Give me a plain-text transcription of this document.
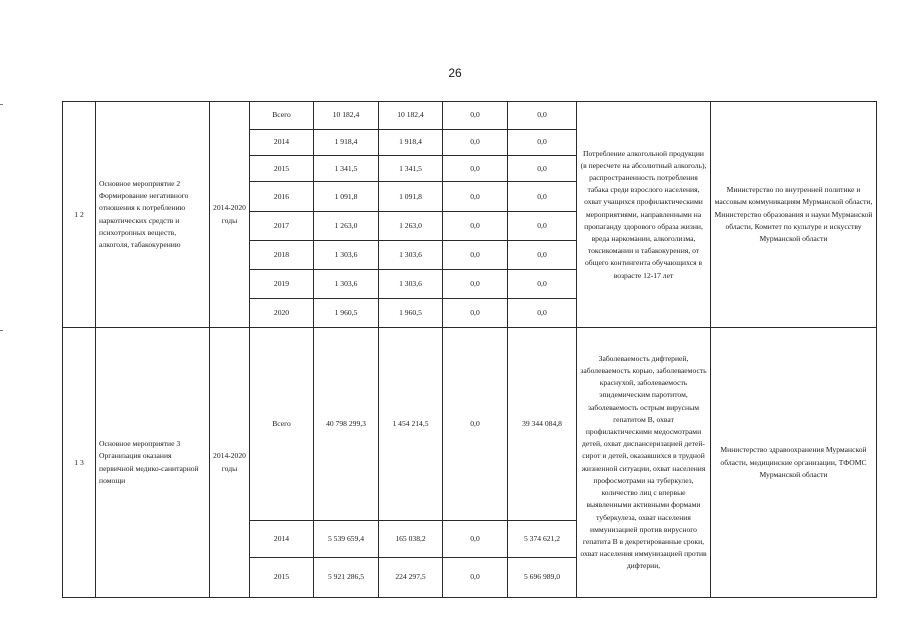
26
1 2	Основное мероприятие 2 Формирование негативного отношения к потреблению наркотических средств и психотропных веществ, алкоголя, табакокурению	2014-2020 годы	Всего	10 182,4	10 182,4	0,0	0,0	Потребление алкогольной продукции (в пересчете на абсолютный алкоголь), распространенность потребления табака среди взрослого населения, охват учащихся профилактическими мероприятиями, направленными на пропаганду здорового образа жизни, вреда наркомании, алкоголизма, токсикомании и табакокурения, от общего контингента обучающихся в возрасте 12-17 лет	Министерство по внутренней политике и массовым коммуникациям Мурманской области, Министерство образования и науки Мурманской области, Комитет по культуре и искусству Мурманской области
			2014	1 918,4	1 918,4	0,0	0,0		
			2015	1 341,5	1 341,5	0,0	0,0		
			2016	1 091,8	1 091,8	0,0	0,0		
			2017	1 263,0	1 263,0	0,0	0,0		
			2018	1 303,6	1 303,6	0,0	0,0		
			2019	1 303,6	1 303,6	0,0	0,0		
			2020	1 960,5	1 960,5	0,0	0,0		
1 3	Основное мероприятие 3 Организация оказания первичной медико-санитарной помощи	2014-2020 годы	Всего	40 798 299,3	1 454 214,5	0,0	39 344 084,8	Заболеваемость дифтерией, заболеваемость корью, заболеваемость краснухой, заболеваемость эпидемическим паротитом, заболеваемость острым вирусным гепатитом В, охват профилактическими медосмотрами детей, охват диспансеризацией детей-сирот и детей, оказавшихся в трудной жизненной ситуации, охват населения профосмотрами на туберкулез, количество лиц с впервые выявленными активными формами туберкулеза, охват населения иммунизацией против вирусного гепатита В в декретированные сроки, охват населения иммунизацией против дифтерии,	Министерство здравоохранения Мурманской области, медицинские организации, ТФОМС Мурманской области
			2014	5 539 659,4	165 038,2	0,0	5 374 621,2		
			2015	5 921 286,5	224 297,5	0,0	5 696 989,0		
